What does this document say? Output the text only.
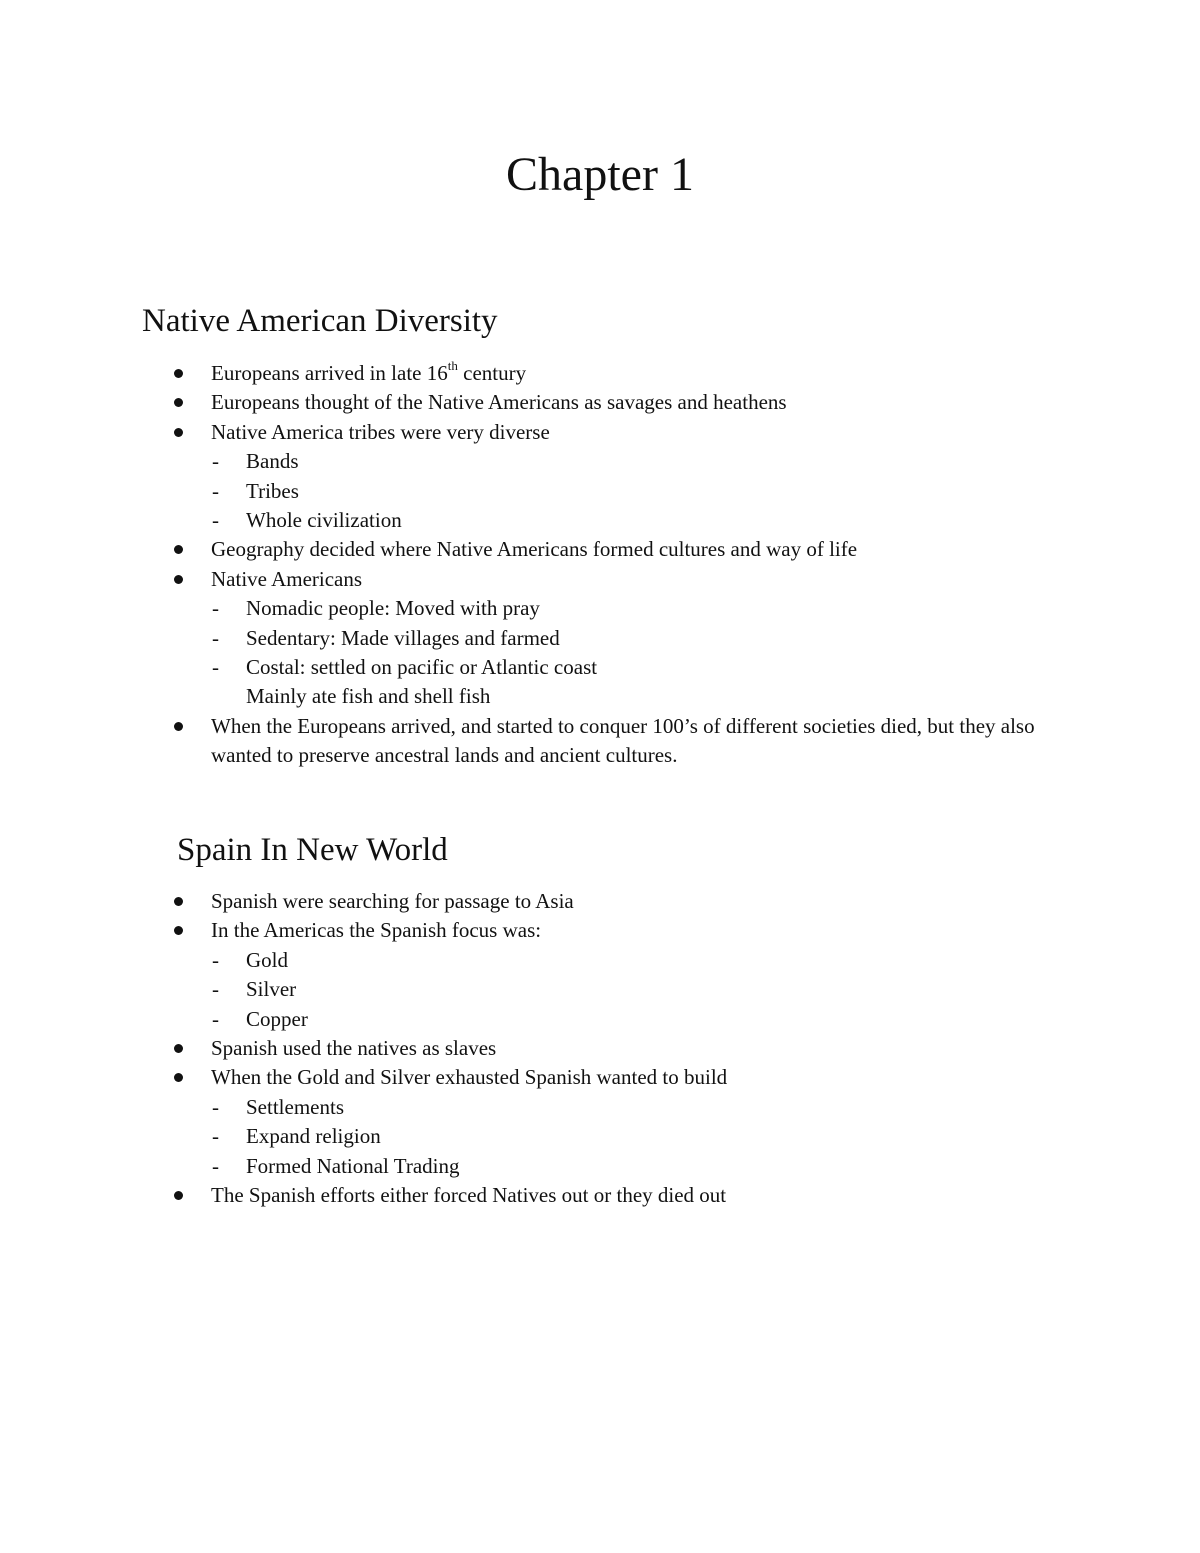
Chapter 1
Native American Diversity
Europeans arrived in late 16th century
Europeans thought of the Native Americans as savages and heathens
Native America tribes were very diverse
- Bands
- Tribes
- Whole civilization
Geography decided where Native Americans formed cultures and way of life
Native Americans
- Nomadic people: Moved with pray
- Sedentary: Made villages and farmed
- Costal: settled on pacific or Atlantic coast
Mainly ate fish and shell fish
When the Europeans arrived, and started to conquer 100’s of different societies died, but they also wanted to preserve ancestral lands and ancient cultures.
Spain In New World
Spanish were searching for passage to Asia
In the Americas the Spanish focus was:
- Gold
- Silver
- Copper
Spanish used the natives as slaves
When the Gold and Silver exhausted Spanish wanted to build
- Settlements
- Expand religion
- Formed National Trading
The Spanish efforts either forced Natives out or they died out
